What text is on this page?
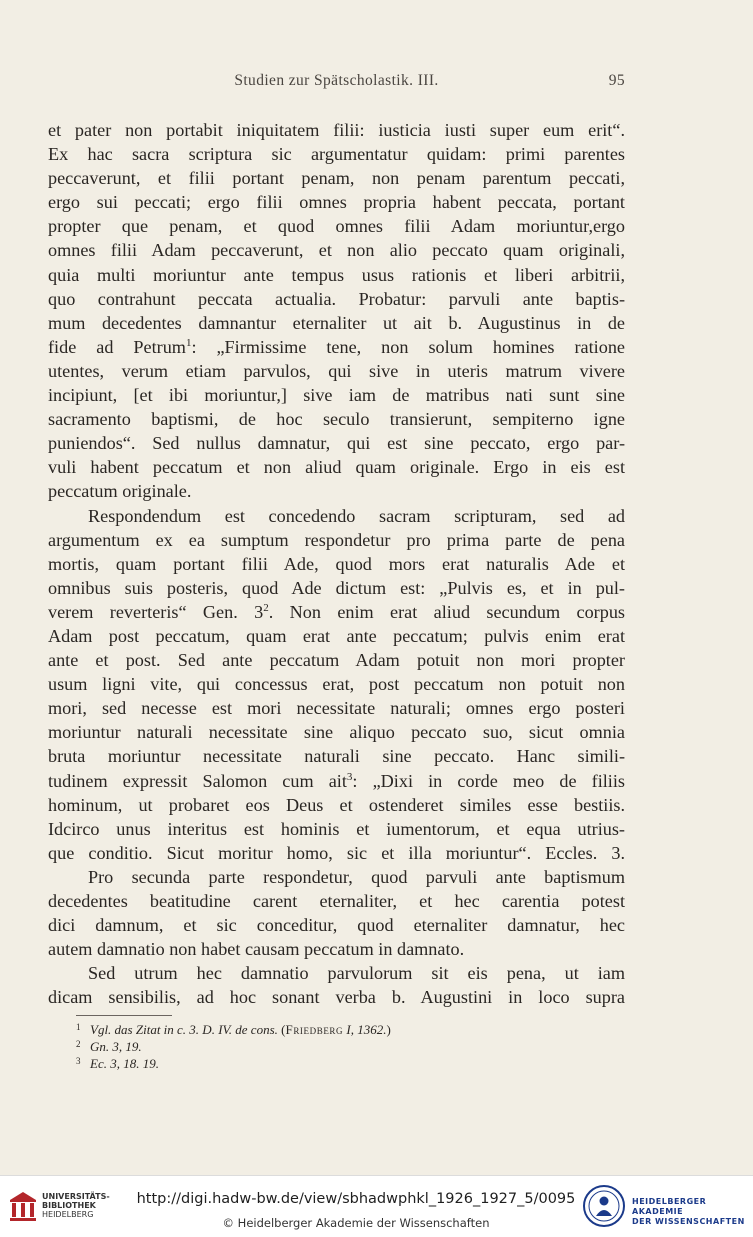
Studien zur Spätscholastik. III.	95
et pater non portabit iniquitatem filii: iusticia iusti super eum erit“.
Ex hac sacra scriptura sic argumentatur quidam: primi parentes
peccaverunt, et filii portant penam, non penam parentum peccati,
ergo sui peccati; ergo filii omnes propria habent peccata, portant
propter que penam, et quod omnes filii Adam moriuntur,ergo
omnes filii Adam peccaverunt, et non alio peccato quam originali,
quia multi moriuntur ante tempus usus rationis et liberi arbitrii,
quo contrahunt peccata actualia. Probatur: parvuli ante baptis-
mum decedentes damnantur eternaliter ut ait b. Augustinus in de
fide ad Petrum$^1$: „Firmissime tene, non solum homines ratione
utentes, verum etiam parvulos, qui sive in uteris matrum vivere
incipiunt, [et ibi moriuntur,] sive iam de matribus nati sunt sine
sacramento baptismi, de hoc seculo transierunt, sempiterno igne
puniendos“. Sed nullus damnatur, qui est sine peccato, ergo par-
vuli habent peccatum et non aliud quam originale. Ergo in eis est
peccatum originale.
Respondendum est concedendo sacram scripturam, sed ad
argumentum ex ea sumptum respondetur pro prima parte de pena
mortis, quam portant filii Ade, quod mors erat naturalis Ade et
omnibus suis posteris, quod Ade dictum est: „Pulvis es, et in pul-
verem reverteris“ Gen. $3^2$. Non enim erat aliud secundum corpus
Adam post peccatum, quam erat ante peccatum; pulvis enim erat
ante et post. Sed ante peccatum Adam potuit non mori propter
usum ligni vite, qui concessus erat, post peccatum non potuit non
mori, sed necesse est mori necessitate naturali; omnes ergo posteri
moriuntur naturali necessitate sine aliquo peccato suo, sicut omnia
bruta moriuntur necessitate naturali sine peccato. Hanc simili-
tudinem expressit Salomon cum ait$^3$: „Dixi in corde meo de filiis
hominum, ut probaret eos Deus et ostenderet similes esse bestiis.
Idcirco unus interitus est hominis et iumentorum, et equa utrius-
que conditio. Sicut moritur homo, sic et illa moriuntur“. Eccles. 3.
Pro secunda parte respondetur, quod parvuli ante baptismum
decedentes beatitudine carent eternaliter, et hec carentia potest
dici damnum, et sic conceditur, quod eternaliter damnatur, hec
autem damnatio non habet causam peccatum in damnato.
Sed utrum hec damnatio parvulorum sit eis pena, ut iam
dicam sensibilis, ad hoc sonant verba b. Augustini in loco supra
1 Vgl. das Zitat in c. 3. D. IV. de cons. (Friedberg I, 1362.)
2 Gn. 3, 19.
3 Ec. 3, 18. 19.
UNIVERSITÄTS-
BIBLIOTHEK
HEIDELBERG
http://digi.hadw-bw.de/view/sbhadwphkl_1926_1927_5/0095
© Heidelberger Akademie der Wissenschaften
HEIDELBERGER AKADEMIE
DER WISSENSCHAFTEN
